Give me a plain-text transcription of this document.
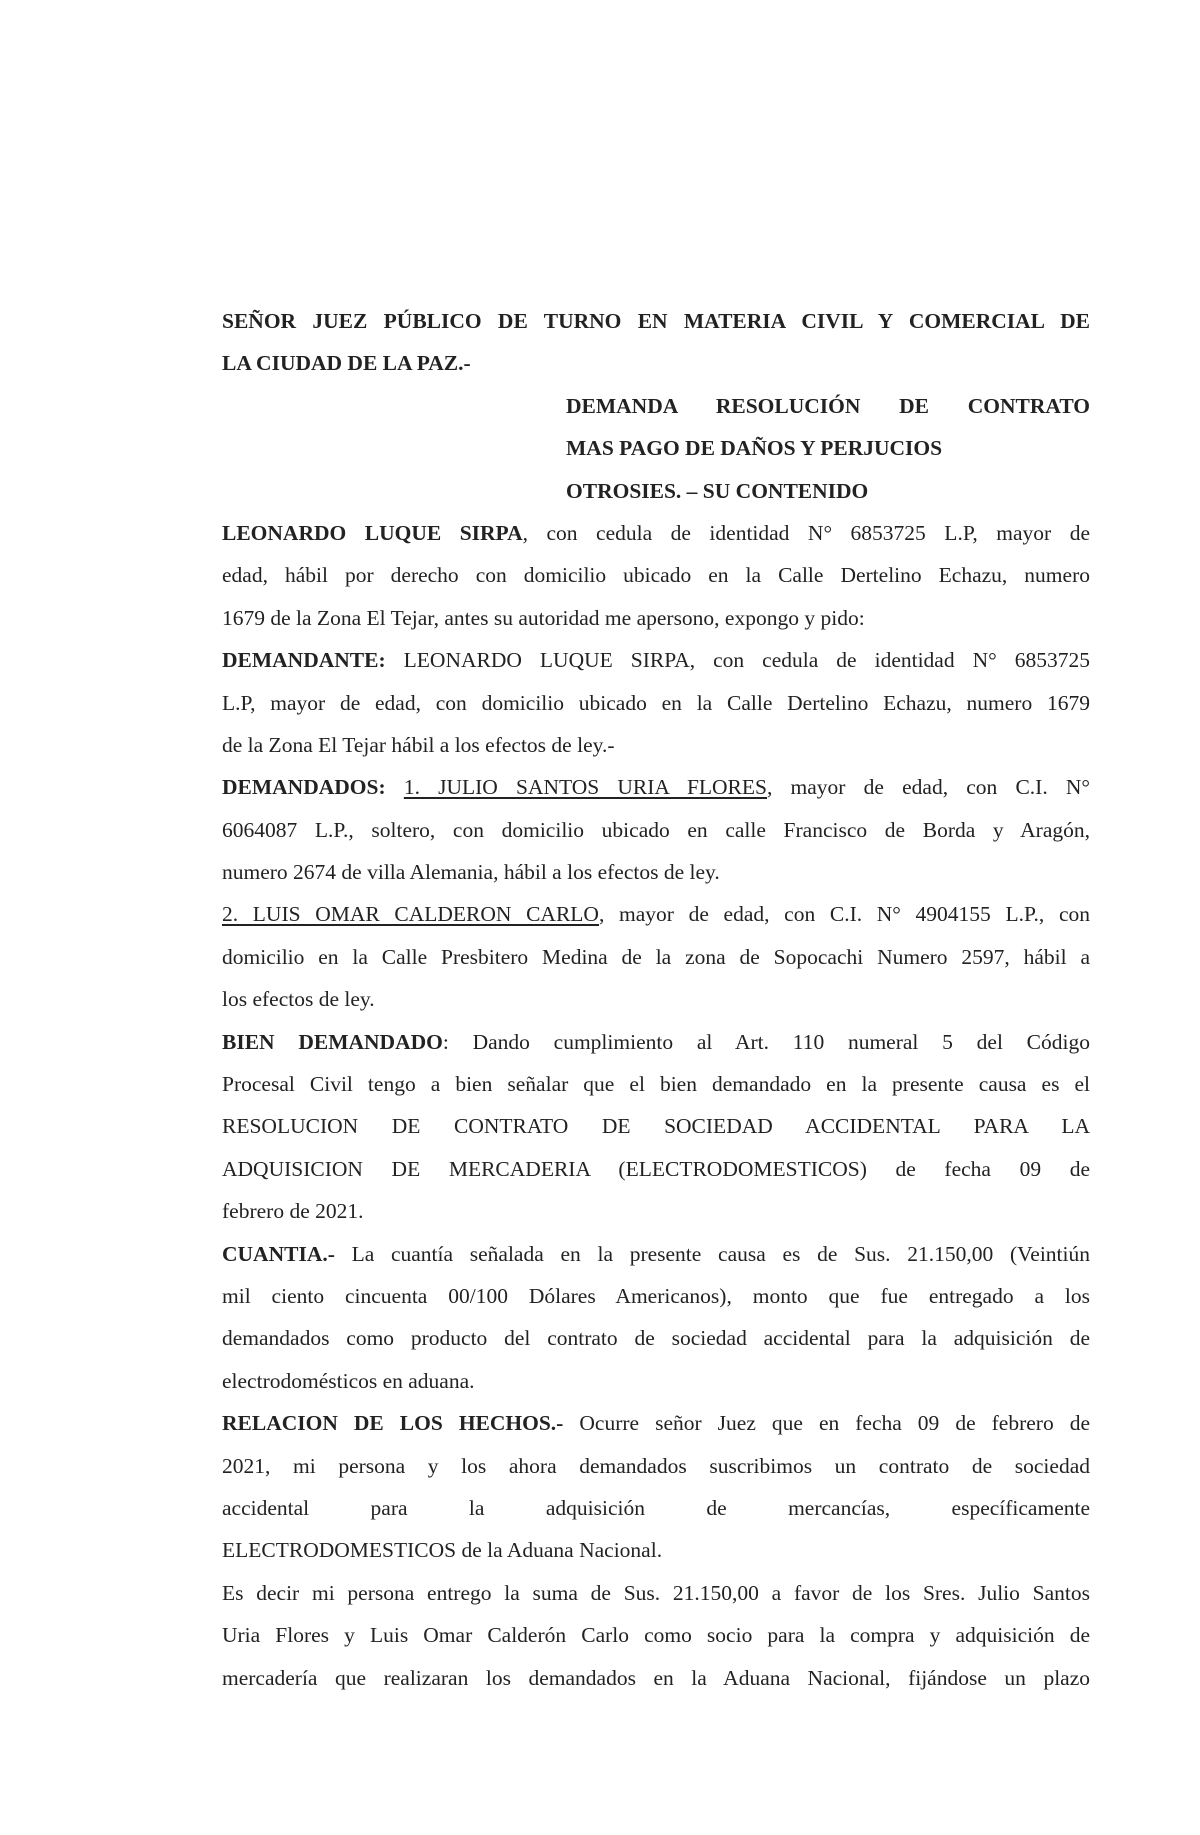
SEÑOR JUEZ PÚBLICO DE TURNO EN MATERIA CIVIL Y COMERCIAL DE
LA CIUDAD DE LA PAZ.-
DEMANDA RESOLUCIÓN DE CONTRATO
MAS PAGO DE DAÑOS Y PERJUCIOS
OTROSIES. – SU CONTENIDO
LEONARDO LUQUE SIRPA, con cedula de identidad N° 6853725 L.P, mayor de
edad, hábil por derecho con domicilio ubicado en la Calle Dertelino Echazu, numero
1679 de la Zona El Tejar, antes su autoridad me apersono, expongo y pido:
DEMANDANTE: LEONARDO LUQUE SIRPA, con cedula de identidad N° 6853725
L.P, mayor de edad, con domicilio ubicado en la Calle Dertelino Echazu, numero 1679
de la Zona El Tejar hábil a los efectos de ley.-
DEMANDADOS: 1. JULIO SANTOS URIA FLORES, mayor de edad, con C.I. N°
6064087 L.P., soltero, con domicilio ubicado en calle Francisco de Borda y Aragón,
numero 2674 de villa Alemania, hábil a los efectos de ley.
2. LUIS OMAR CALDERON CARLO, mayor de edad, con C.I. N° 4904155 L.P., con
domicilio en la Calle Presbitero Medina de la zona de Sopocachi Numero 2597, hábil a
los efectos de ley.
BIEN DEMANDADO: Dando cumplimiento al Art. 110 numeral 5 del Código
Procesal Civil tengo a bien señalar que el bien demandado en la presente causa es el
RESOLUCION DE CONTRATO DE SOCIEDAD ACCIDENTAL PARA LA
ADQUISICION DE MERCADERIA (ELECTRODOMESTICOS) de fecha 09 de
febrero de 2021.
CUANTIA.- La cuantía señalada en la presente causa es de Sus. 21.150,00 (Veintiún
mil ciento cincuenta 00/100 Dólares Americanos), monto que fue entregado a los
demandados como producto del contrato de sociedad accidental para la adquisición de
electrodomésticos en aduana.
RELACION DE LOS HECHOS.- Ocurre señor Juez que en fecha 09 de febrero de
2021, mi persona y los ahora demandados suscribimos un contrato de sociedad
accidental para la adquisición de mercancías, específicamente
ELECTRODOMESTICOS de la Aduana Nacional.
Es decir mi persona entrego la suma de Sus. 21.150,00 a favor de los Sres. Julio Santos
Uria Flores y Luis Omar Calderón Carlo como socio para la compra y adquisición de
mercadería que realizaran los demandados en la Aduana Nacional, fijándose un plazo
